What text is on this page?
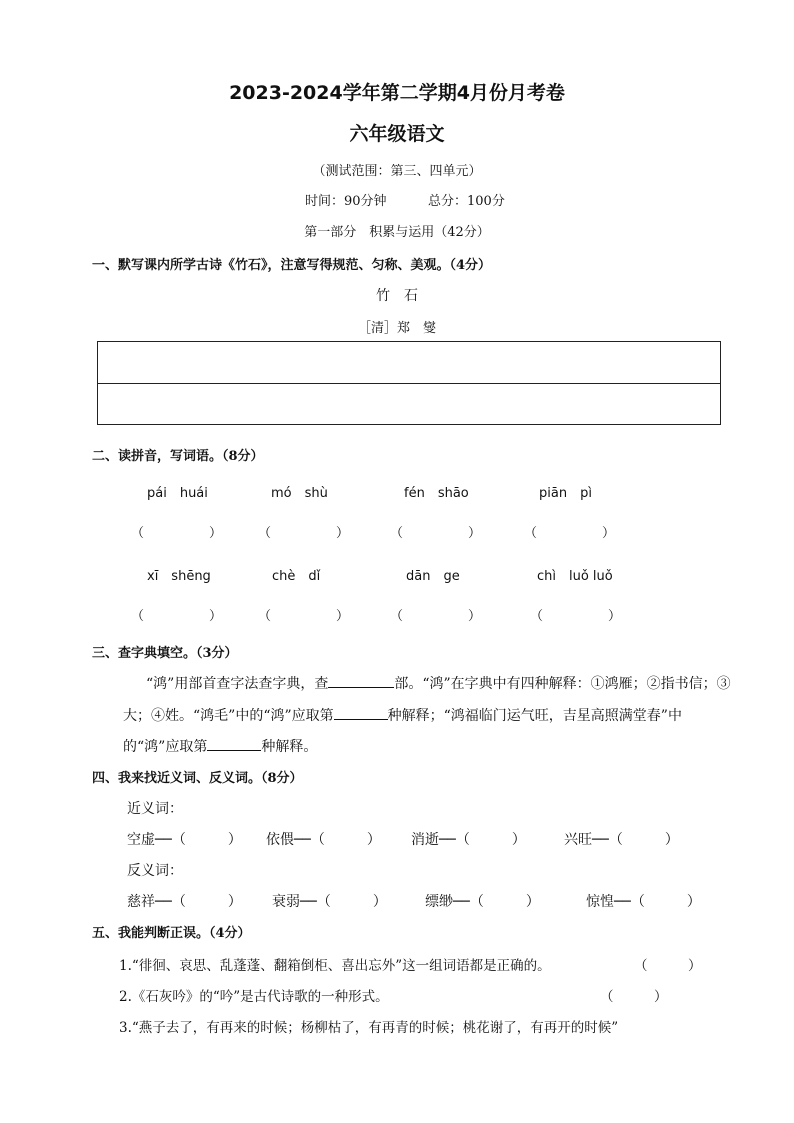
2023-2024学年第二学期4月份月考卷
六年级语文
（测试范围：第三、四单元）
时间：90分钟	总分：100分
第一部分　积累与运用（42分）
一、默写课内所学古诗《竹石》，注意写得规范、匀称、美观。（4分）
竹　石
［清］郑　燮
二、读拼音，写词语。（8分）
pái　huái	mó　shù	fén　shāo	piān　pì
（　　　　　）	（　　　　　）	（　　　　　）	（　　　　　）
xī　shēng	chè　dǐ	dān　ge	chì　luǒ luǒ
（　　　　　）	（　　　　　）	（　　　　　）	（　　　　　）
三、查字典填空。（3分）
“鸿”用部首查字法查字典，查	部。“鸿”在字典中有四种解释：①鸿雁；②指书信；③
大；④姓。“鸿毛”中的“鸿”应取第	种解释；“鸿福临门运气旺，吉星高照满堂春”中
的“鸿”应取第	种解释。
四、我来找近义词、反义词。（8分）
近义词：
空虚──（　　　） 依偎──（　　　） 消逝──（　　　）	兴旺──（　　　）
反义词：
慈祥──（　　　） 衰弱──（　　　）	缥缈──（　　　）	惊惶──（　　　）
五、我能判断正误。（4分）
1.“徘徊、哀思、乱蓬蓬、翻箱倒柜、喜出忘外”这一组词语都是正确的。	（　　　）
2.《石灰吟》的“吟”是古代诗歌的一种形式。	（　　　）
3.“燕子去了，有再来的时候；杨柳枯了，有再青的时候；桃花谢了，有再开的时候”
